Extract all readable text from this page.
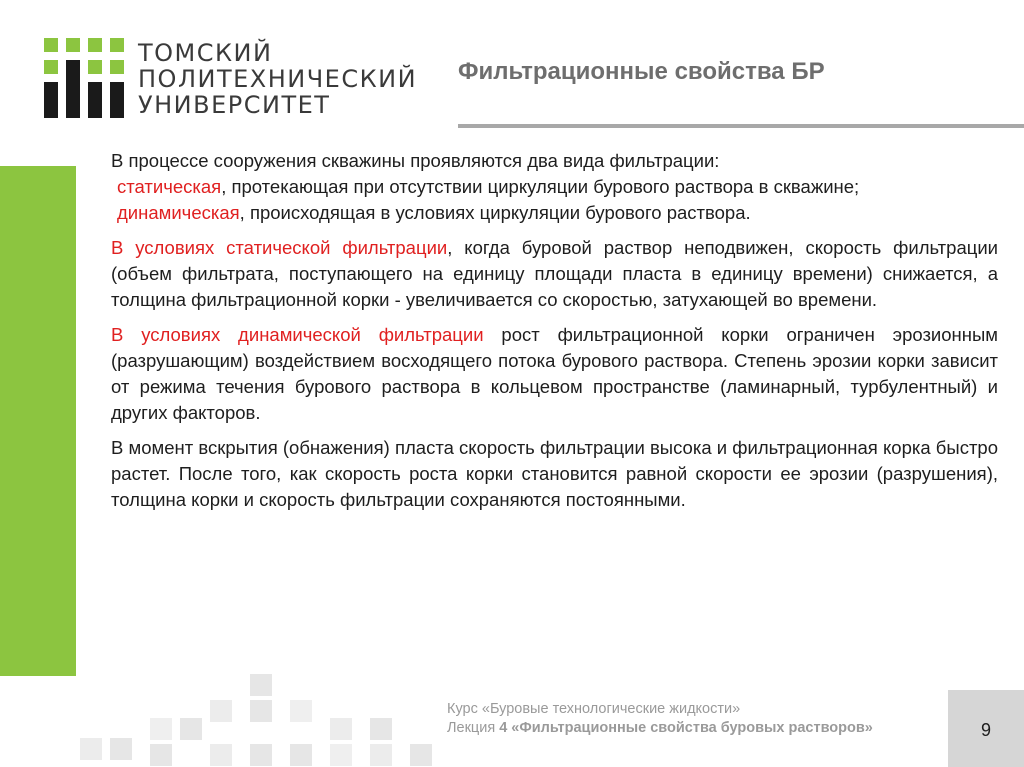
ТОМСКИЙ
ПОЛИТЕХНИЧЕСКИЙ
УНИВЕРСИТЕТ
Фильтрационные свойства БР

В процессе сооружения скважины проявляются два вида фильтрации:

статическая, протекающая при отсутствии циркуляции бурового раствора в скважине;

динамическая, происходящая в условиях циркуляции бурового раствора.

В условиях статической фильтрации, когда буровой раствор неподвижен, скорость фильтрации (объем фильтрата, поступающего на единицу площади пласта в единицу времени) снижается, а толщина фильтрационной корки - увеличивается со скоростью, затухающей во времени.

В условиях динамической фильтрации рост фильтрационной корки ограничен эрозионным (разрушающим) воздействием восходящего потока бурового раствора. Степень эрозии корки зависит от режима течения бурового раствора в кольцевом пространстве (ламинарный, турбулентный) и других факторов.

В момент вскрытия (обнажения) пласта скорость фильтрации высока и фильтрационная корка быстро растет. После того, как скорость роста корки становится равной скорости ее эрозии (разрушения), толщина корки и скорость фильтрации сохраняются постоянными.

Курс «Буровые технологические жидкости»
Лекция 4 «Фильтрационные свойства буровых растворов»	9
